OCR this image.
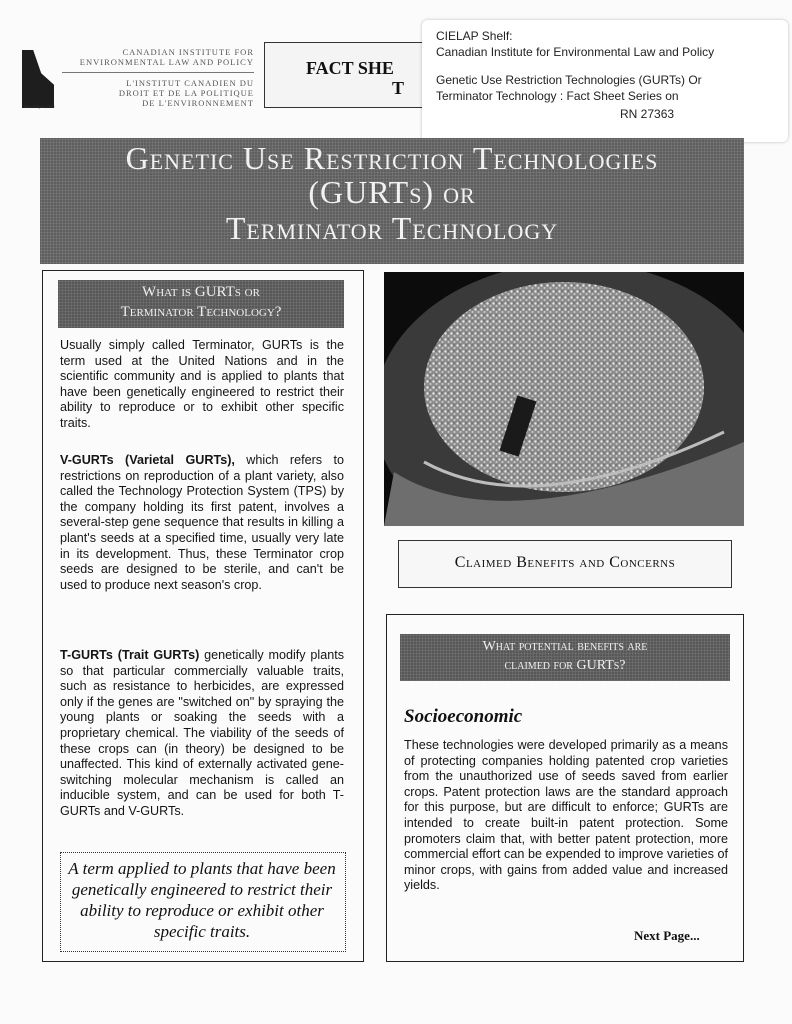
Since/Depuis 1970
CANADIAN INSTITUTE FOR
ENVIRONMENTAL LAW AND POLICY
L'INSTITUT CANADIEN DU
DROIT ET DE LA POLITIQUE
DE L'ENVIRONNEMENT
FACT SHE
T
CIELAP Shelf:
Canadian Institute for Environmental Law and Policy
Genetic Use Restriction Technologies (GURTs) Or
Terminator Technology : Fact Sheet Series on
RN 27363
Genetic Use Restriction Technologies
(GURTs) or
Terminator Technology
What is GURTs or
Terminator Technology?
Usually simply called Terminator, GURTs is the term used at the United Nations and in the scientific community and is applied to plants that have been genetically engineered to restrict their ability to reproduce or to exhibit other specific traits.
V-GURTs (Varietal GURTs), which refers to restrictions on reproduction of a plant variety, also called the Technology Protection System (TPS) by the company holding its first patent, involves a several-step gene sequence that results in killing a plant's seeds at a specified time, usually very late in its development. Thus, these Terminator crop seeds are designed to be sterile, and can't be used to produce next season's crop.
T-GURTs (Trait GURTs) genetically modify plants so that particular commercially valuable traits, such as resistance to herbicides, are expressed only if the genes are "switched on" by spraying the young plants or soaking the seeds with a proprietary chemical. The viability of the seeds of these crops can (in theory) be designed to be unaffected. This kind of externally activated gene-switching molecular mechanism is called an inducible system, and can be used for both T-GURTs and V-GURTs.
A term applied to plants that have been genetically engineered to restrict their ability to reproduce or exhibit other specific traits.
Claimed Benefits and Concerns
What potential benefits are
claimed for GURTs?
Socioeconomic
These technologies were developed primarily as a means of protecting companies holding patented crop varieties from the unauthorized use of seeds saved from earlier crops. Patent protection laws are the standard approach for this purpose, but are difficult to enforce; GURTs are intended to create built-in patent protection. Some promoters claim that, with better patent protection, more commercial effort can be expended to improve varieties of minor crops, with gains from added value and increased yields.
Next Page...
